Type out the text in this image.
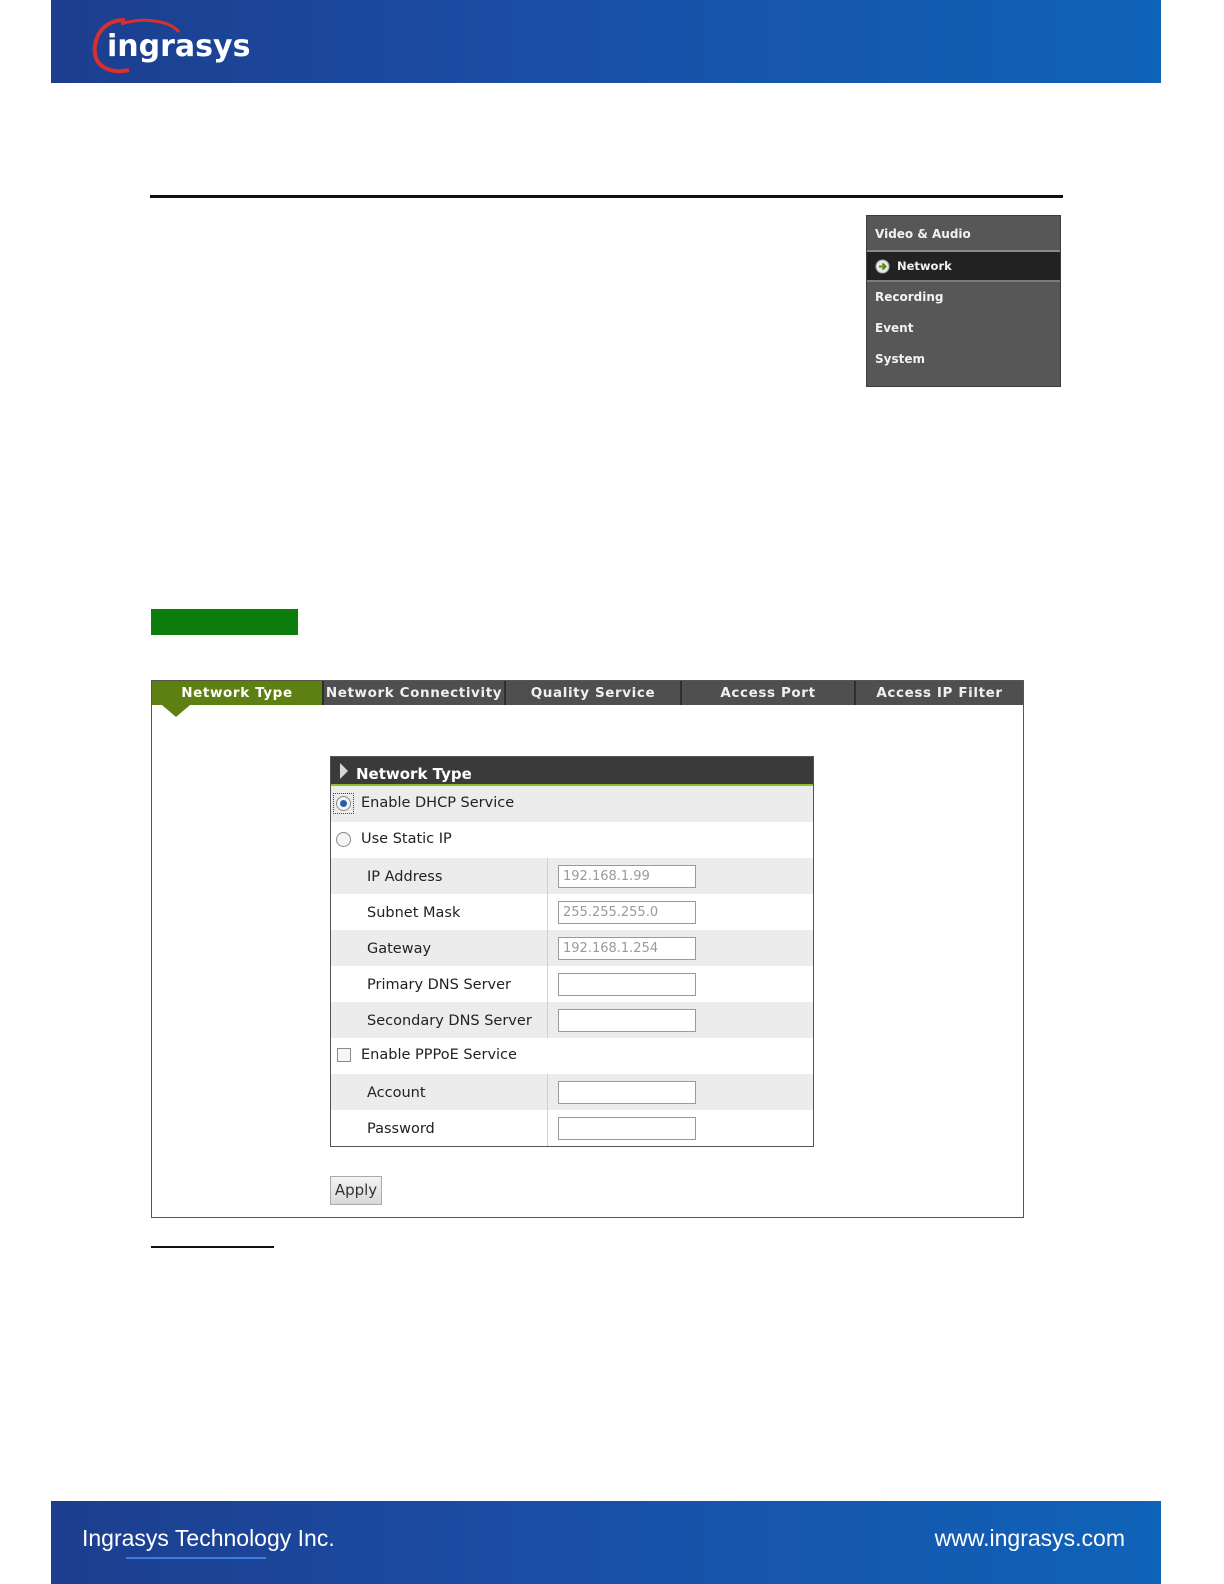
ingrasys
Video & Audio
Network
Recording
Event
System
Network Type	Network Connectivity	Quality Service	Access Port	Access IP Filter
Network Type
Enable DHCP Service
Use Static IP
IP Address	192.168.1.99
Subnet Mask	255.255.255.0
Gateway	192.168.1.254
Primary DNS Server
Secondary DNS Server
Enable PPPoE Service
Account
Password
Apply
Ingrasys Technology Inc.	www.ingrasys.com
